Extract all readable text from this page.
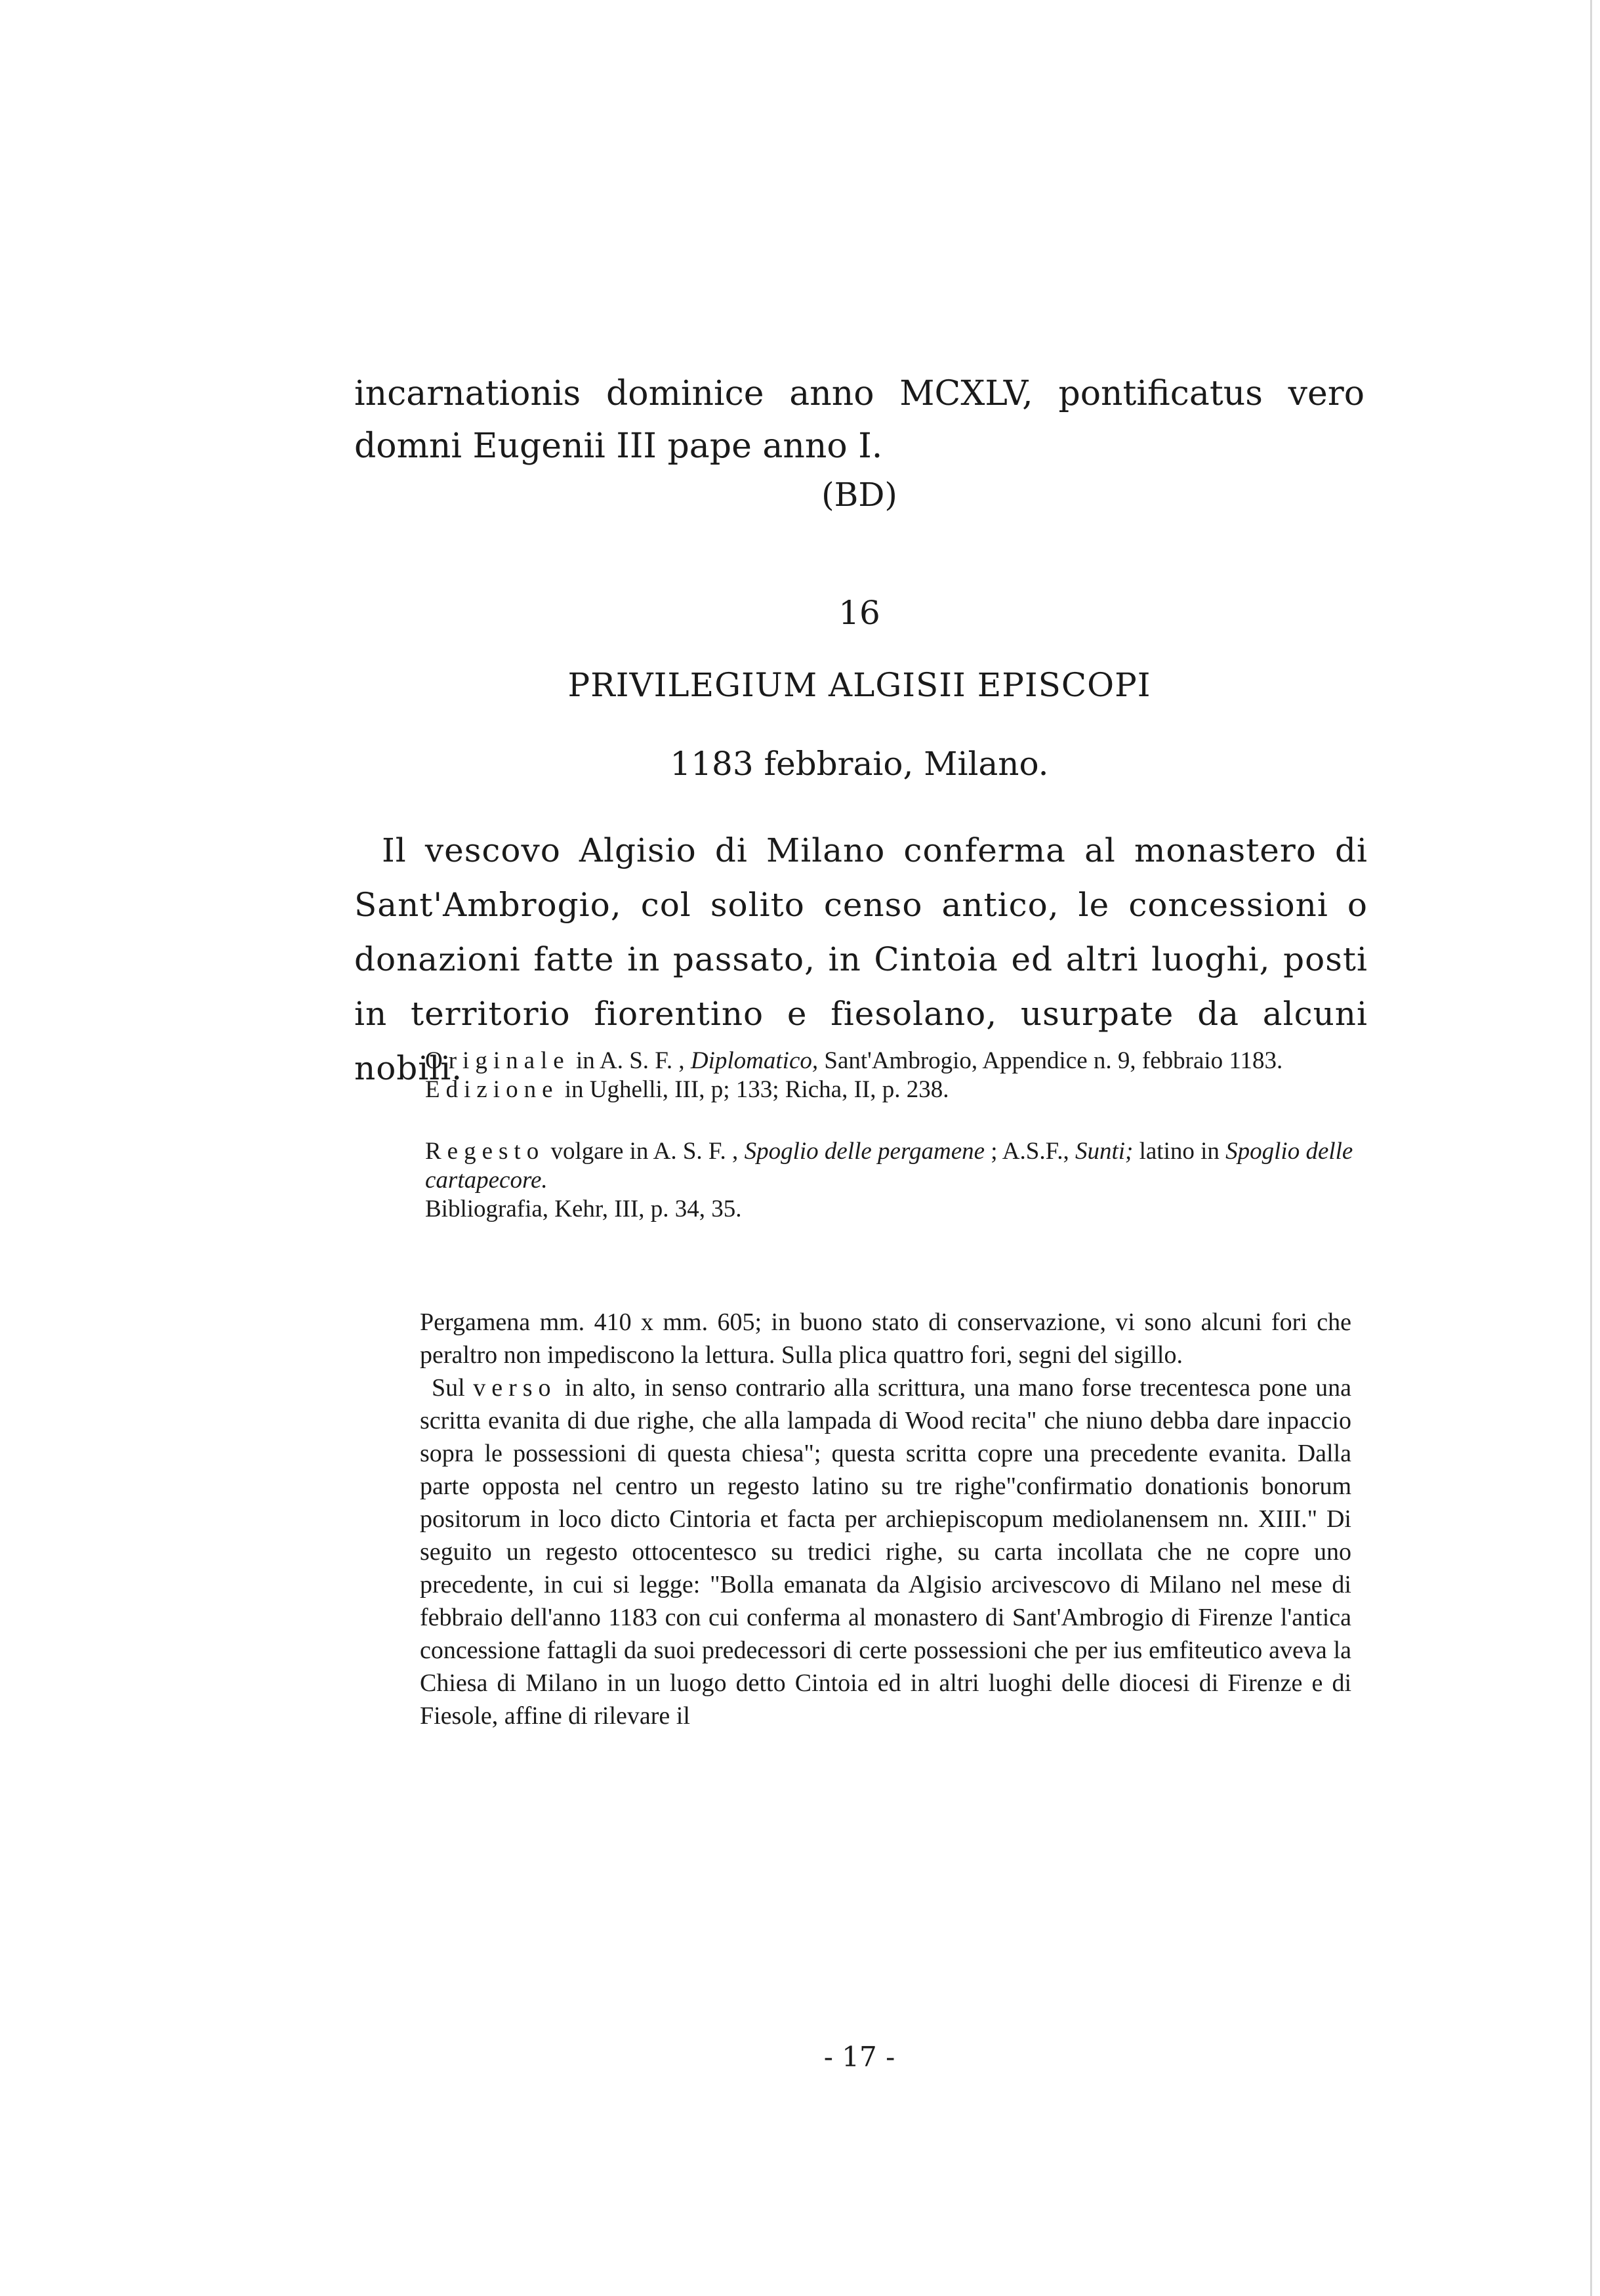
incarnationis dominice anno MCXLV, pontificatus vero domni Eugenii III pape anno I.

(BD)
16
PRIVILEGIUM ALGISII EPISCOPI
1183 febbraio, Milano.

Il vescovo Algisio di Milano conferma al monastero di Sant'Ambrogio, col solito censo antico, le concessioni o donazioni fatte in passato, in Cintoia ed altri luoghi, posti in territorio fiorentino e fiesolano, usurpate da alcuni nobili.

Originale in A. S. F. , Diplomatico, Sant'Ambrogio, Appendice n. 9, febbraio 1183.

Edizione in Ughelli, III, p; 133; Richa, II, p. 238.

Regesto volgare in A. S. F. , Spoglio delle pergamene ; A.S.F., Sunti; latino in Spoglio delle cartapecore.

Bibliografia, Kehr, III, p. 34, 35.

Pergamena mm. 410 x mm. 605; in buono stato di conservazione, vi sono alcuni fori che peraltro non impediscono la lettura. Sulla plica quattro fori, segni del sigillo.

Sul verso in alto, in senso contrario alla scrittura, una mano forse trecentesca pone una scritta evanita di due righe, che alla lampada di Wood recita" che niuno debba dare inpaccio sopra le possessioni di questa chiesa"; questa scritta copre una precedente evanita. Dalla parte opposta nel centro un regesto latino su tre righe"confirmatio donationis bonorum positorum in loco dicto Cintoria et facta per archiepiscopum mediolanensem nn. XIII." Di seguito un regesto ottocentesco su tredici righe, su carta incollata che ne copre uno precedente, in cui si legge: "Bolla emanata da Algisio arcivescovo di Milano nel mese di febbraio dell'anno 1183 con cui conferma al monastero di Sant'Ambrogio di Firenze l'antica concessione fattagli da suoi predecessori di certe possessioni che per ius emfiteutico aveva la Chiesa di Milano in un luogo detto Cintoia ed in altri luoghi delle diocesi di Firenze e di Fiesole, affine di rilevare il

- 17 -
